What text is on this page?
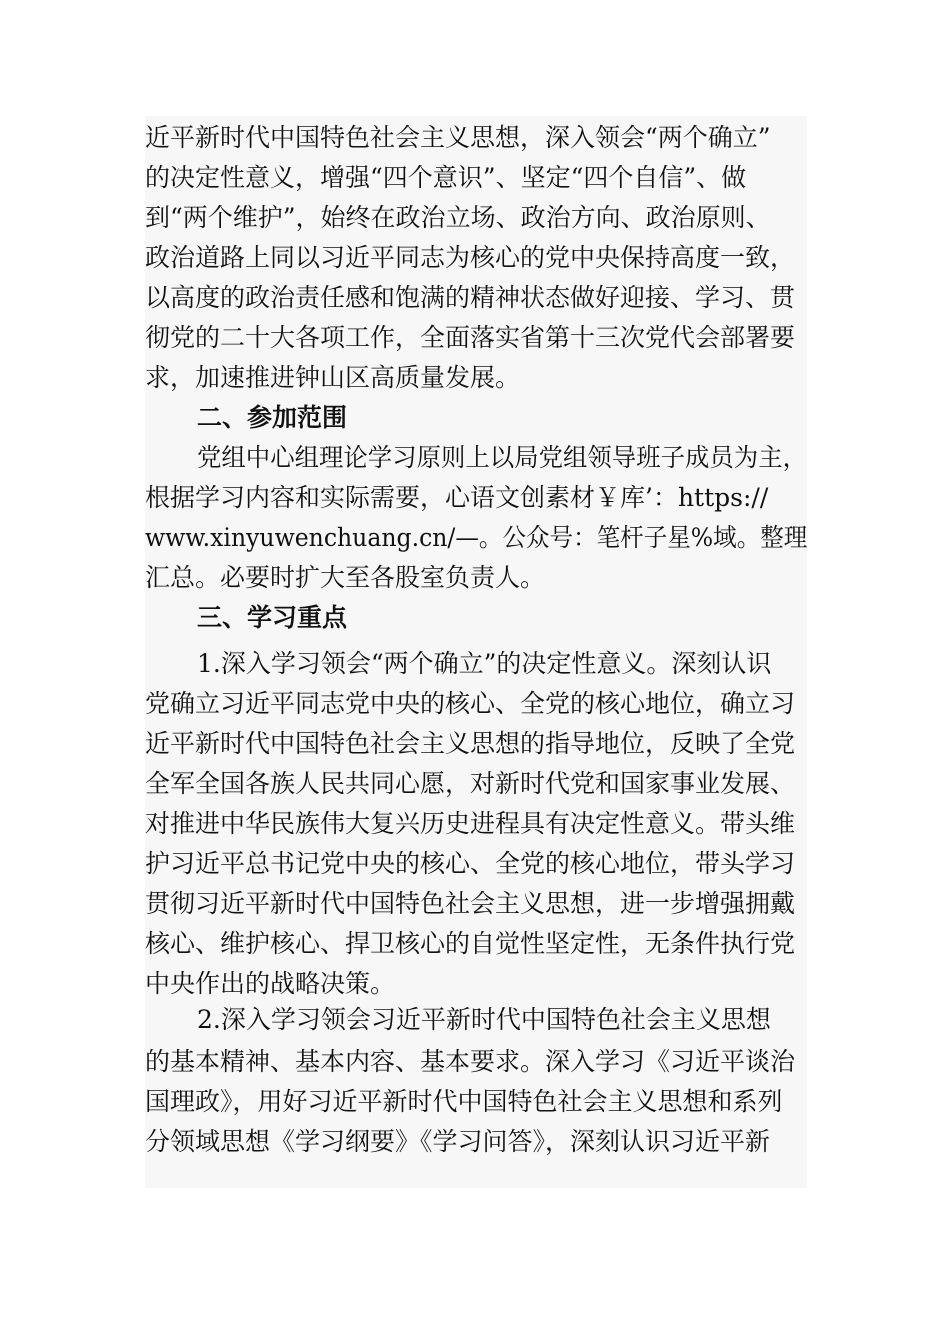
近平新时代中国特色社会主义思想，深入领会“两个确立”
的决定性意义，增强“四个意识”、坚定“四个自信”、做
到“两个维护”，始终在政治立场、政治方向、政治原则、
政治道路上同以习近平同志为核心的党中央保持高度一致，
以高度的政治责任感和饱满的精神状态做好迎接、学习、贯
彻党的二十大各项工作，全面落实省第十三次党代会部署要
求，加速推进钟山区高质量发展。
二、参加范围
党组中心组理论学习原则上以局党组领导班子成员为主，
根据学习内容和实际需要，心语文创素材￥库’：https://
www.xinyuwenchuang.cn/—。公众号：笔杆子星%域。整理
汇总。必要时扩大至各股室负责人。
三、学习重点
1.深入学习领会“两个确立”的决定性意义。深刻认识
党确立习近平同志党中央的核心、全党的核心地位，确立习
近平新时代中国特色社会主义思想的指导地位，反映了全党
全军全国各族人民共同心愿，对新时代党和国家事业发展、
对推进中华民族伟大复兴历史进程具有决定性意义。带头维
护习近平总书记党中央的核心、全党的核心地位，带头学习
贯彻习近平新时代中国特色社会主义思想，进一步增强拥戴
核心、维护核心、捍卫核心的自觉性坚定性，无条件执行党
中央作出的战略决策。
2.深入学习领会习近平新时代中国特色社会主义思想
的基本精神、基本内容、基本要求。深入学习《习近平谈治
国理政》，用好习近平新时代中国特色社会主义思想和系列
分领域思想《学习纲要》《学习问答》，深刻认识习近平新
